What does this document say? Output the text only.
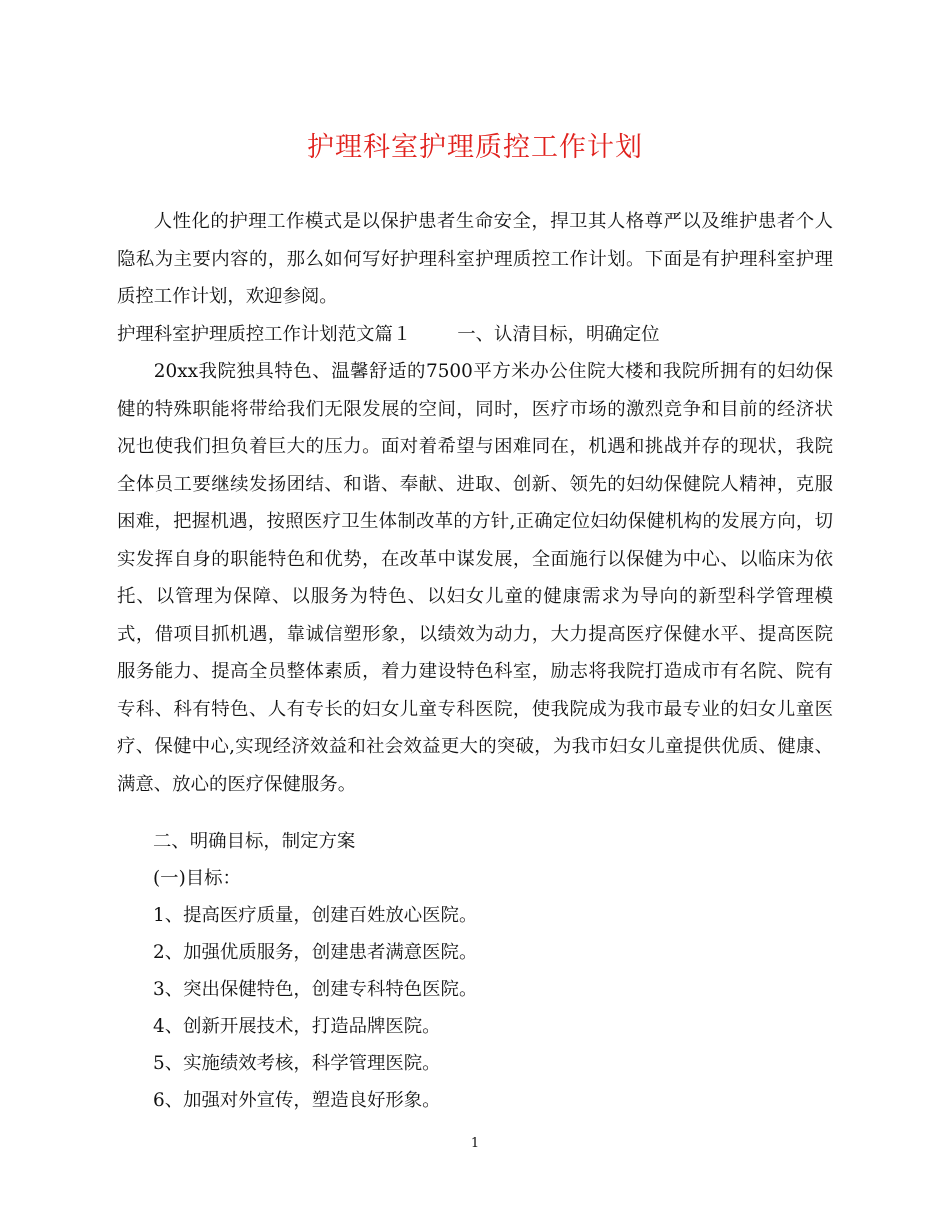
护理科室护理质控工作计划
人性化的护理工作模式是以保护患者生命安全，捍卫其人格尊严以及维护患者个人隐私为主要内容的，那么如何写好护理科室护理质控工作计划。下面是有护理科室护理质控工作计划，欢迎参阅。
护理科室护理质控工作计划范文篇１	一、认清目标，明确定位
20xx我院独具特色、温馨舒适的7500平方米办公住院大楼和我院所拥有的妇幼保健的特殊职能将带给我们无限发展的空间，同时，医疗市场的激烈竞争和目前的经济状况也使我们担负着巨大的压力。面对着希望与困难同在，机遇和挑战并存的现状，我院全体员工要继续发扬团结、和谐、奉献、进取、创新、领先的妇幼保健院人精神，克服困难，把握机遇，按照医疗卫生体制改革的方针,正确定位妇幼保健机构的发展方向，切实发挥自身的职能特色和优势，在改革中谋发展，全面施行以保健为中心、以临床为依托、以管理为保障、以服务为特色、以妇女儿童的健康需求为导向的新型科学管理模式，借项目抓机遇，靠诚信塑形象，以绩效为动力，大力提高医疗保健水平、提高医院服务能力、提高全员整体素质，着力建设特色科室，励志将我院打造成市有名院、院有专科、科有特色、人有专长的妇女儿童专科医院，使我院成为我市最专业的妇女儿童医疗、保健中心,实现经济效益和社会效益更大的突破，为我市妇女儿童提供优质、健康、满意、放心的医疗保健服务。
二、明确目标，制定方案
(一)目标：
1、提高医疗质量，创建百姓放心医院。
2、加强优质服务，创建患者满意医院。
3、突出保健特色，创建专科特色医院。
4、创新开展技术，打造品牌医院。
5、实施绩效考核，科学管理医院。
6、加强对外宣传，塑造良好形象。
1
